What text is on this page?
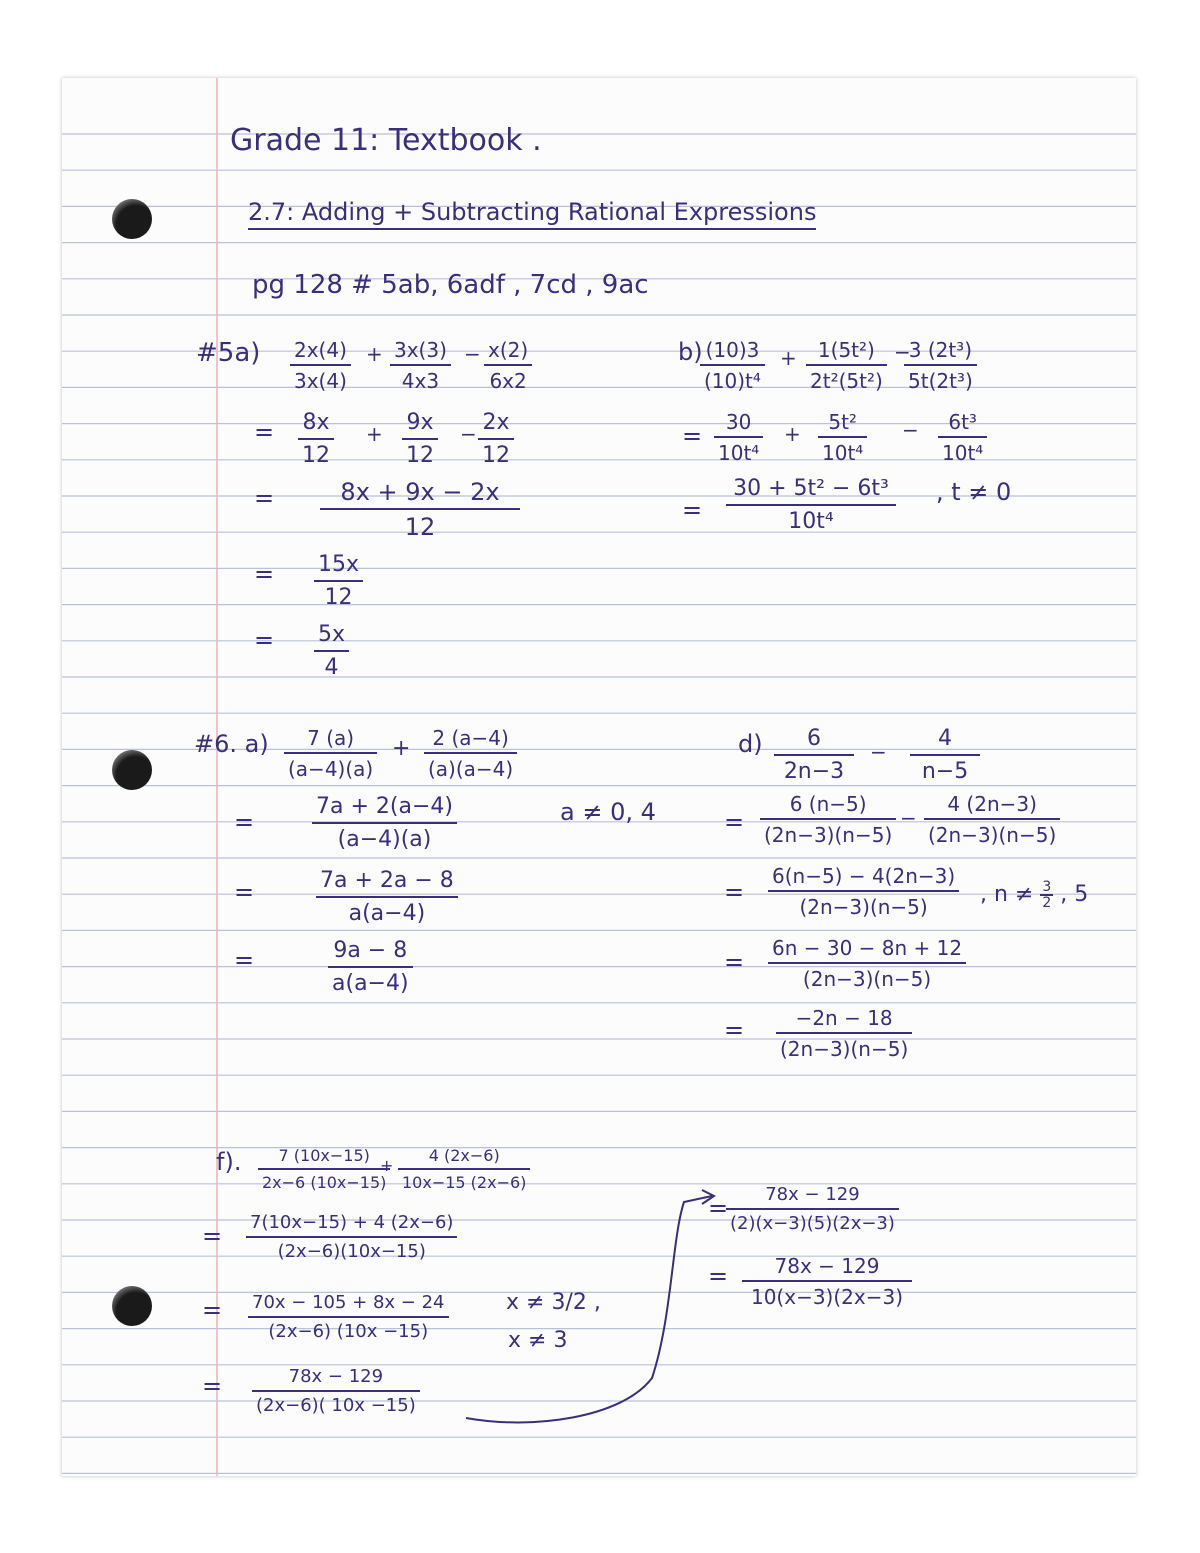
Grade 11: Textbook .
2.7: Adding + Subtracting Rational Expressions
pg 128 # 5ab, 6adf , 7cd , 9ac
#5a) $\frac{2x(4)}{3x(4)} + \frac{3x(3)}{4x3} - \frac{x(2)}{6x2}$
= $\frac{8x}{12} + \frac{9x}{12} - \frac{2x}{12}$
= $\frac{8x + 9x - 2x}{12}$
= $\frac{15x}{12}$
= $\frac{5x}{4}$
b)
$\frac{(10)3}{\text{(10)t⁴}} + \frac{\text{1(5t²)}}{\text{2t²(5t²)}}$ −
$\frac{\text{3 (2t³)}}{\text{5t(2t³)}}$
= $\frac{30}{\text{10t⁴}} + \frac{\text{5t²}}{\text{10t⁴}} - \frac{\text{6t³}}{\text{10t⁴}}$
= $\frac{\text{30 + 5t² − 6t³}}{\text{10t⁴}}$ , t ≠ 0
#6. $a) \frac{7 (a)}{(a-4)(a)} + \frac{2 (a-4)}{(a)(a-4)}$
=	$\frac{7a + 2(a-4)}{(a-4)(a)}$	a ≠ 0, 4
=	$\frac{7a + 2a - 8}{a(a-4)}$
=	$\frac{9a - 8}{a(a-4)}$
$d) \frac{6}{2n-3} - \frac{4}{n-5}$
= $\frac{6 (n-5)}{(2n-3)(n-5)} - \frac{4 (2n-3)}{(2n-3)(n-5)}$
= $\frac{6(n-5) - 4(2n-3)}{(2n-3)(n-5)}$ , $n \ne \frac{3}{2}$ , 5
= $\frac{6n - 30 - 8n + 12}{(2n-3)(n-5)}$
= $\frac{-2n - 18}{(2n-3)(n-5)}$
f). $\frac{7 (10x-15)}{2x-6 (10x-15)}$
+ $\frac{4 (2x-6)}{10x-15 (2x-6)}$
= $\frac{7(10x-15) + 4 (2x-6)}{(2x-6)(10x-15)}$
= $\frac{70x - 105 + 8x - 24}{(2x-6) (10x -15)}$	x ≠ 3/2 ,
x ≠ 3
= $\frac{78x - 129}{(2x-6)( 10x -15)}$
=
$\frac{78x - 129}{(2)(x-3)(5)(2x-3)}$
= $\frac{78x - 129}{10(x-3)(2x-3)}$
